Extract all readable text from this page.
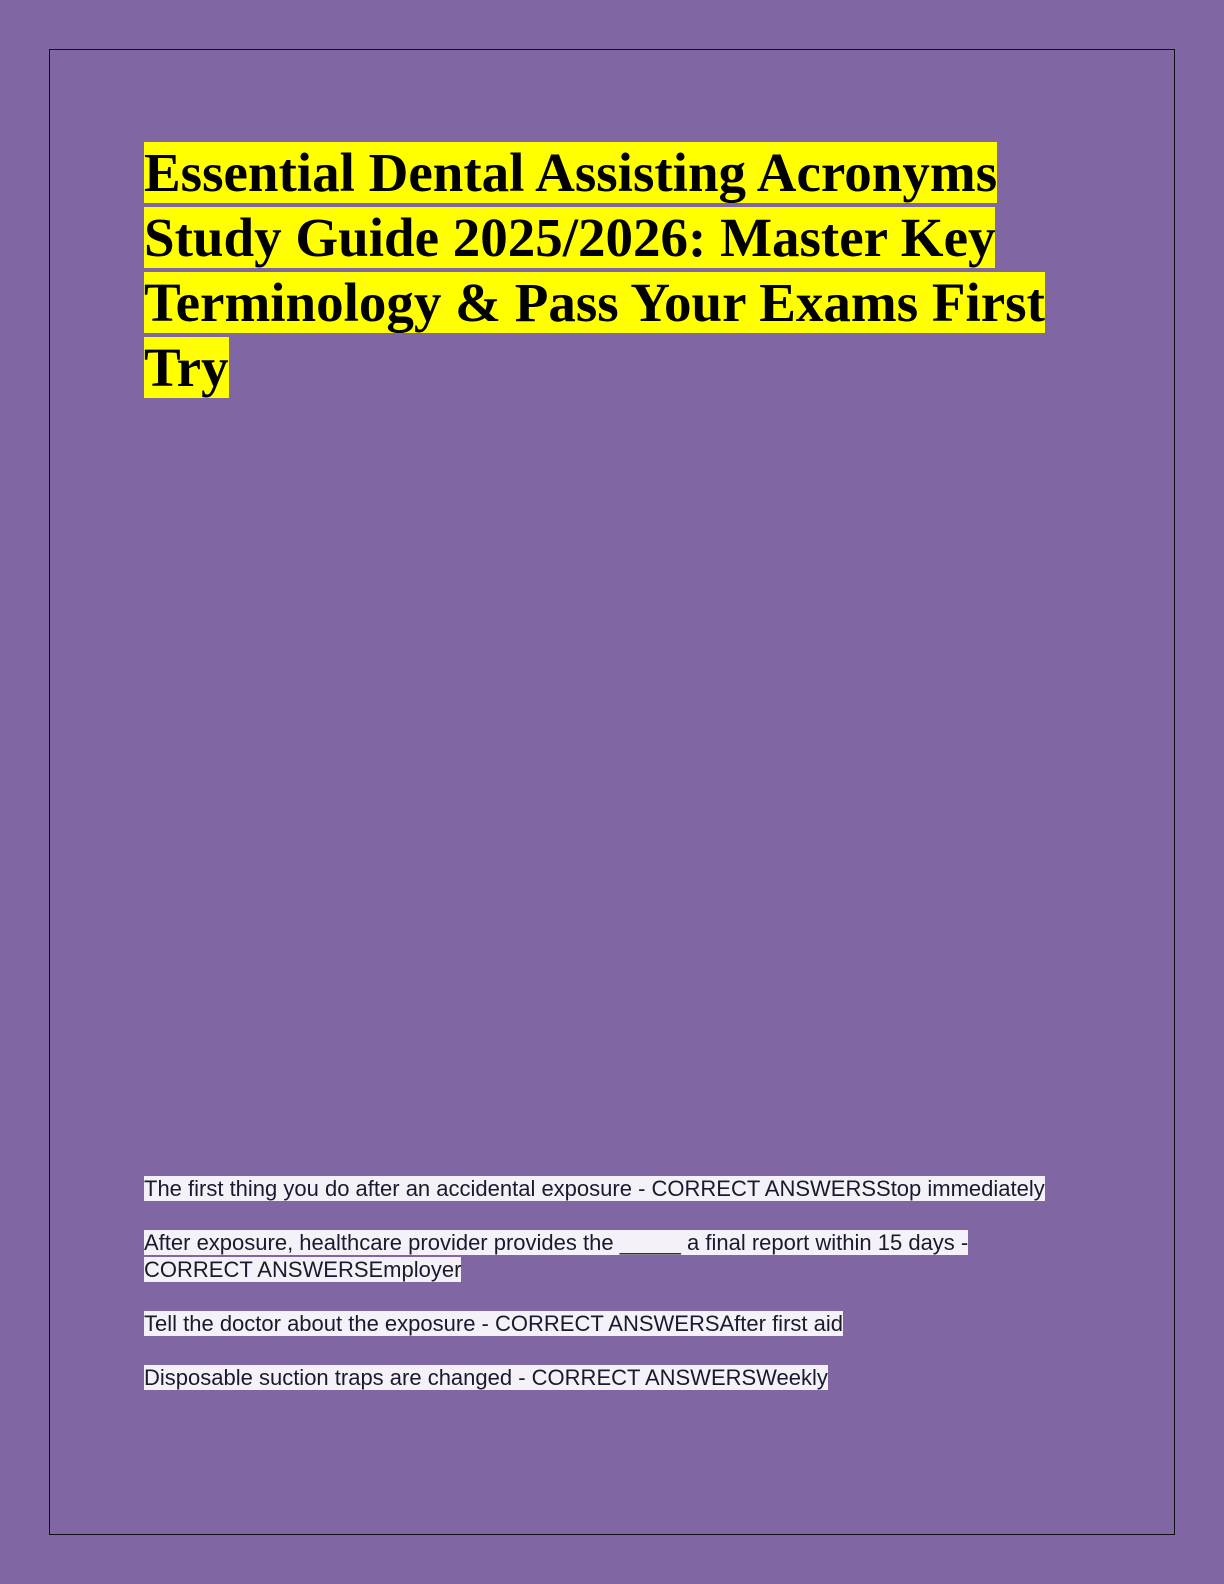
Essential Dental Assisting Acronyms Study Guide 2025/2026: Master Key Terminology & Pass Your Exams First Try

The first thing you do after an accidental exposure - CORRECT ANSWERSStop immediately

After exposure, healthcare provider provides the _____ a final report within 15 days - CORRECT ANSWERSEmployer

Tell the doctor about the exposure - CORRECT ANSWERSAfter first aid

Disposable suction traps are changed - CORRECT ANSWERSWeekly
